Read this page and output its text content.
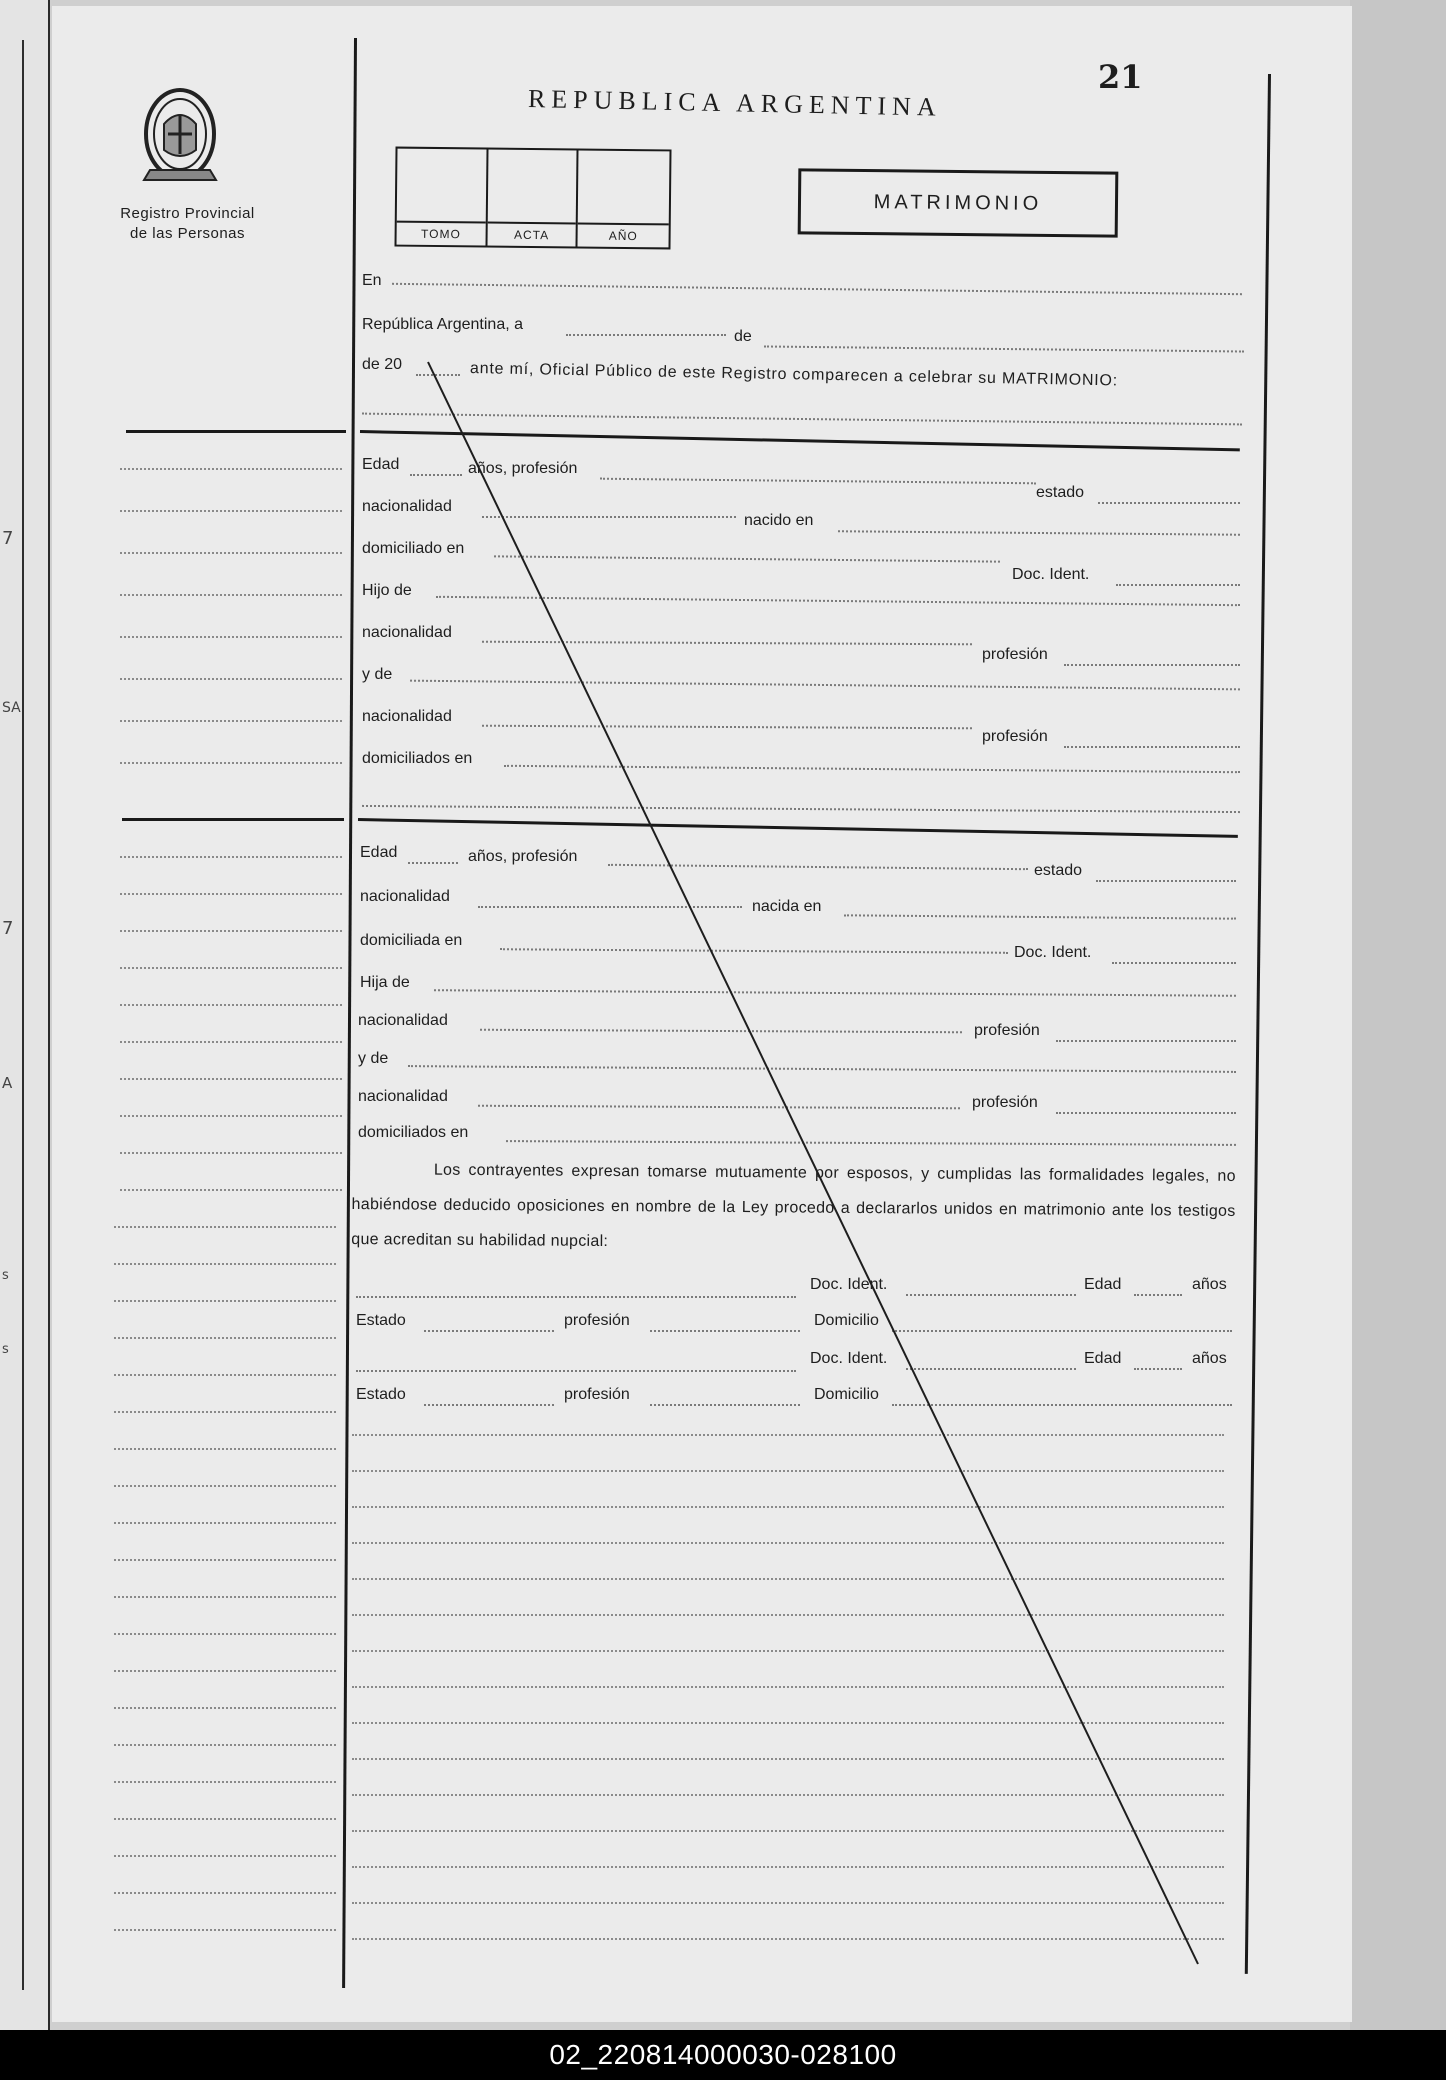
7
SA
7
A
s
s
Registro Provincial
de las Personas
21
REPUBLICA ARGENTINA
TOMO	ACTA	AÑO
MATRIMONIO
En
República Argentina, a
de
de 20	ante mí, Oficial Público de este Registro comparecen a celebrar su MATRIMONIO:
Edad	años, profesión
estado
nacionalidad
nacido en
domiciliado en
Doc. Ident.
Hijo de
nacionalidad
profesión
y de
nacionalidad
profesión
domiciliados en
Edad	años, profesión
estado
nacionalidad
nacida en
domiciliada en
Doc. Ident.
Hija de
nacionalidad
profesión
y de
nacionalidad	profesión
domiciliados en
Los contrayentes expresan tomarse mutuamente por esposos, y cumplidas las formalidades legales, no habiéndose deducido oposiciones en nombre de la Ley procedo a declararlos unidos en matrimonio ante los testigos que acreditan su habilidad nupcial:
Doc. Ident.	Edad	años
Estado	profesión	Domicilio
Doc. Ident.	Edad	años
Estado	profesión	Domicilio
02_220814000030-028100
